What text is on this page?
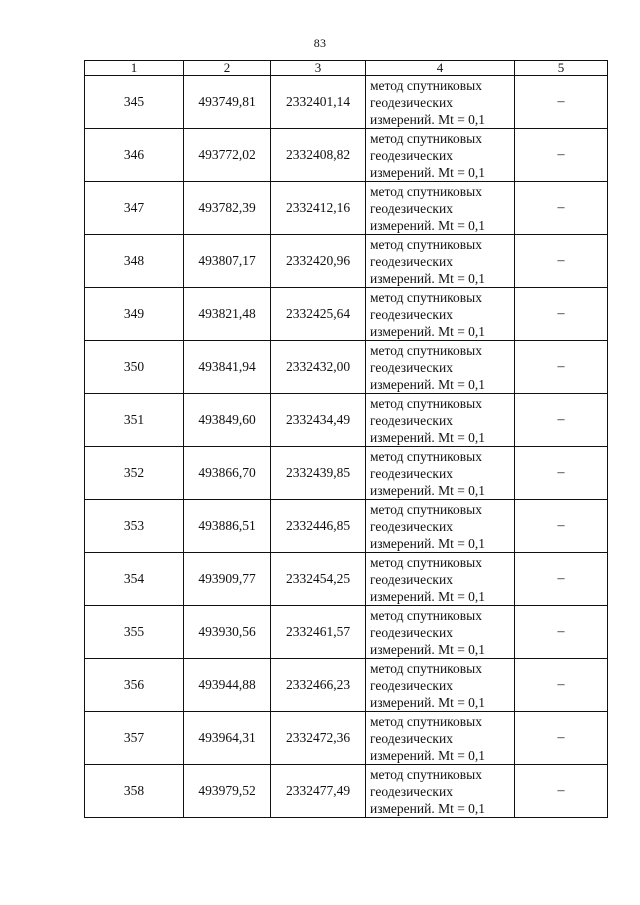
83
1	2	3	4	5
345	493749,81	2332401,14	метод спутниковых
геодезических
измерений. Mt = 0,1	–
346	493772,02	2332408,82	метод спутниковых
геодезических
измерений. Mt = 0,1	–
347	493782,39	2332412,16	метод спутниковых
геодезических
измерений. Mt = 0,1	–
348	493807,17	2332420,96	метод спутниковых
геодезических
измерений. Mt = 0,1	–
349	493821,48	2332425,64	метод спутниковых
геодезических
измерений. Mt = 0,1	–
350	493841,94	2332432,00	метод спутниковых
геодезических
измерений. Mt = 0,1	–
351	493849,60	2332434,49	метод спутниковых
геодезических
измерений. Mt = 0,1	–
352	493866,70	2332439,85	метод спутниковых
геодезических
измерений. Mt = 0,1	–
353	493886,51	2332446,85	метод спутниковых
геодезических
измерений. Mt = 0,1	–
354	493909,77	2332454,25	метод спутниковых
геодезических
измерений. Mt = 0,1	–
355	493930,56	2332461,57	метод спутниковых
геодезических
измерений. Mt = 0,1	–
356	493944,88	2332466,23	метод спутниковых
геодезических
измерений. Mt = 0,1	–
357	493964,31	2332472,36	метод спутниковых
геодезических
измерений. Mt = 0,1	–
358	493979,52	2332477,49	метод спутниковых
геодезических
измерений. Mt = 0,1	–
